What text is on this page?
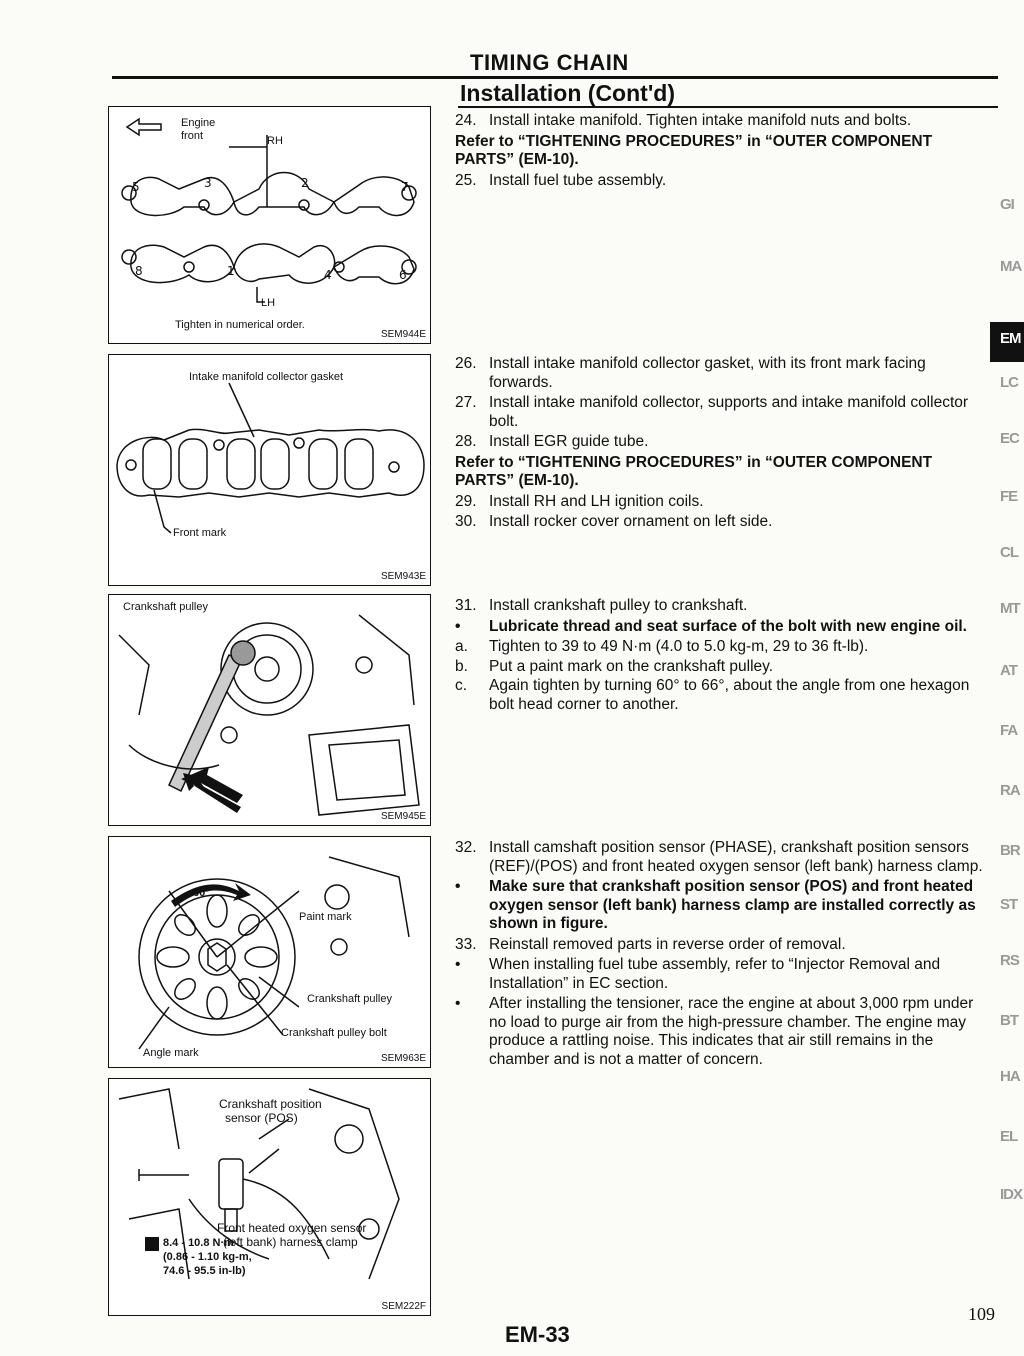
TIMING CHAIN
Installation (Cont'd)
5	3	2	7
8	1	4	6
Engine
front	RH
LH
Tighten in numerical order.
SEM944E
Intake manifold collector gasket
Front mark
SEM943E
Crankshaft pulley
SEM945E
60°
Paint mark
Crankshaft pulley
Crankshaft pulley bolt
Angle mark	SEM963E
Crankshaft position
sensor (POS)
Front heated oxygen sensor
(left bank) harness clamp
8.4 - 10.8 N·m
(0.86 - 1.10 kg-m,
74.6 - 95.5 in-lb)
SEM222F
24. Install intake manifold. Tighten intake manifold nuts and bolts.
Refer to “TIGHTENING PROCEDURES” in “OUTER COMPONENT PARTS” (EM-10).
25. Install fuel tube assembly.
26. Install intake manifold collector gasket, with its front mark facing forwards.
27. Install intake manifold collector, supports and intake manifold collector bolt.
28. Install EGR guide tube.
Refer to “TIGHTENING PROCEDURES” in “OUTER COMPONENT PARTS” (EM-10).
29. Install RH and LH ignition coils.
30. Install rocker cover ornament on left side.
31. Install crankshaft pulley to crankshaft.
• Lubricate thread and seat surface of the bolt with new engine oil.
a. Tighten to 39 to 49 N·m (4.0 to 5.0 kg-m, 29 to 36 ft-lb).
b. Put a paint mark on the crankshaft pulley.
c. Again tighten by turning 60° to 66°, about the angle from one hexagon bolt head corner to another.
32. Install camshaft position sensor (PHASE), crankshaft position sensors (REF)/(POS) and front heated oxygen sensor (left bank) harness clamp.
• Make sure that crankshaft position sensor (POS) and front heated oxygen sensor (left bank) harness clamp are installed correctly as shown in figure.
33. Reinstall removed parts in reverse order of removal.
• When installing fuel tube assembly, refer to “Injector Removal and Installation” in EC section.
• After installing the tensioner, race the engine at about 3,000 rpm under no load to purge air from the high-pressure chamber. The engine may produce a rattling noise. This indicates that air still remains in the chamber and is not a matter of concern.
GI
MA
EM
LC
EC
FE
CL
MT
AT
FA
RA
BR
ST
RS
BT
HA
EL
IDX
109
EM-33
